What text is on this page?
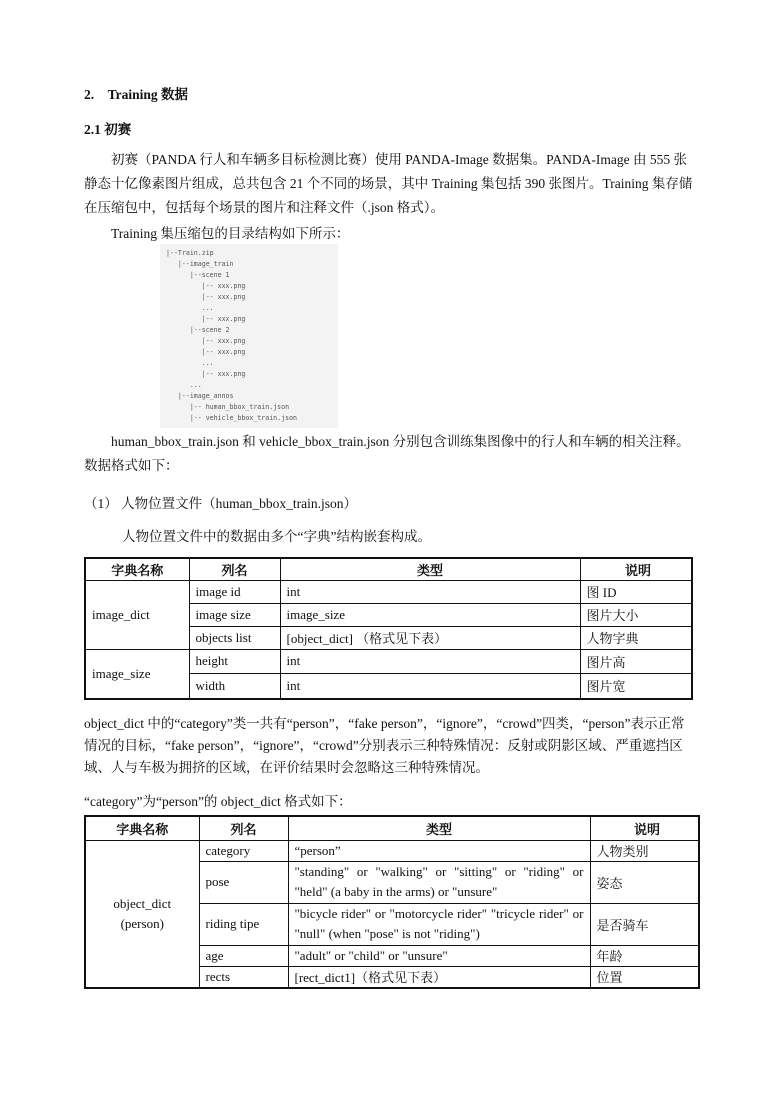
2.    Training 数据
2.1 初赛
初赛（PANDA 行人和车辆多目标检测比赛）使用 PANDA-Image 数据集。PANDA-Image 由 555 张静态十亿像素图片组成，总共包含 21 个不同的场景，其中 Training 集包括 390 张图片。Training 集存储在压缩包中，包括每个场景的图片和注释文件（.json 格式）。
Training 集压缩包的目录结构如下所示：
|--Train.zip
|--image_train
|--scene 1
|-- xxx.png
|-- xxx.png
...
|-- xxx.png
|--scene 2
|-- xxx.png
|-- xxx.png
...
|-- xxx.png
...
|--image_annos
|-- human_bbox_train.json
|-- vehicle_bbox_train.json
human_bbox_train.json 和 vehicle_bbox_train.json 分别包含训练集图像中的行人和车辆的相关注释。数据格式如下：
（1） 人物位置文件（human_bbox_train.json）
人物位置文件中的数据由多个“字典”结构嵌套构成。
字典名称	列名	类型	说明
image_dict	image id	int	图 ID
	image size	image_size	图片大小
	objects list	[object_dict] （格式见下表）	人物字典
image_size	height	int	图片高
	width	int	图片宽
object_dict 中的“category”类一共有“person”，“fake person”，“ignore”，“crowd”四类，“person”表示正常情况的目标，“fake person”，“ignore”，“crowd”分别表示三种特殊情况：反射或阴影区域、严重遮挡区域、人与车极为拥挤的区域，在评价结果时会忽略这三种特殊情况。
“category”为“person”的 object_dict 格式如下：
字典名称	列名	类型	说明

object_dict
(person)	category	“person”	人物类别
	pose	"standing" or "walking" or "sitting" or "riding" or "held" (a baby in the arms) or "unsure"	姿态
	riding tipe	"bicycle rider" or "motorcycle rider" "tricycle rider" or "null" (when "pose" is not "riding")	是否骑车
	age	"adult" or "child" or "unsure"	年龄
	rects	[rect_dict1]（格式见下表）	位置
